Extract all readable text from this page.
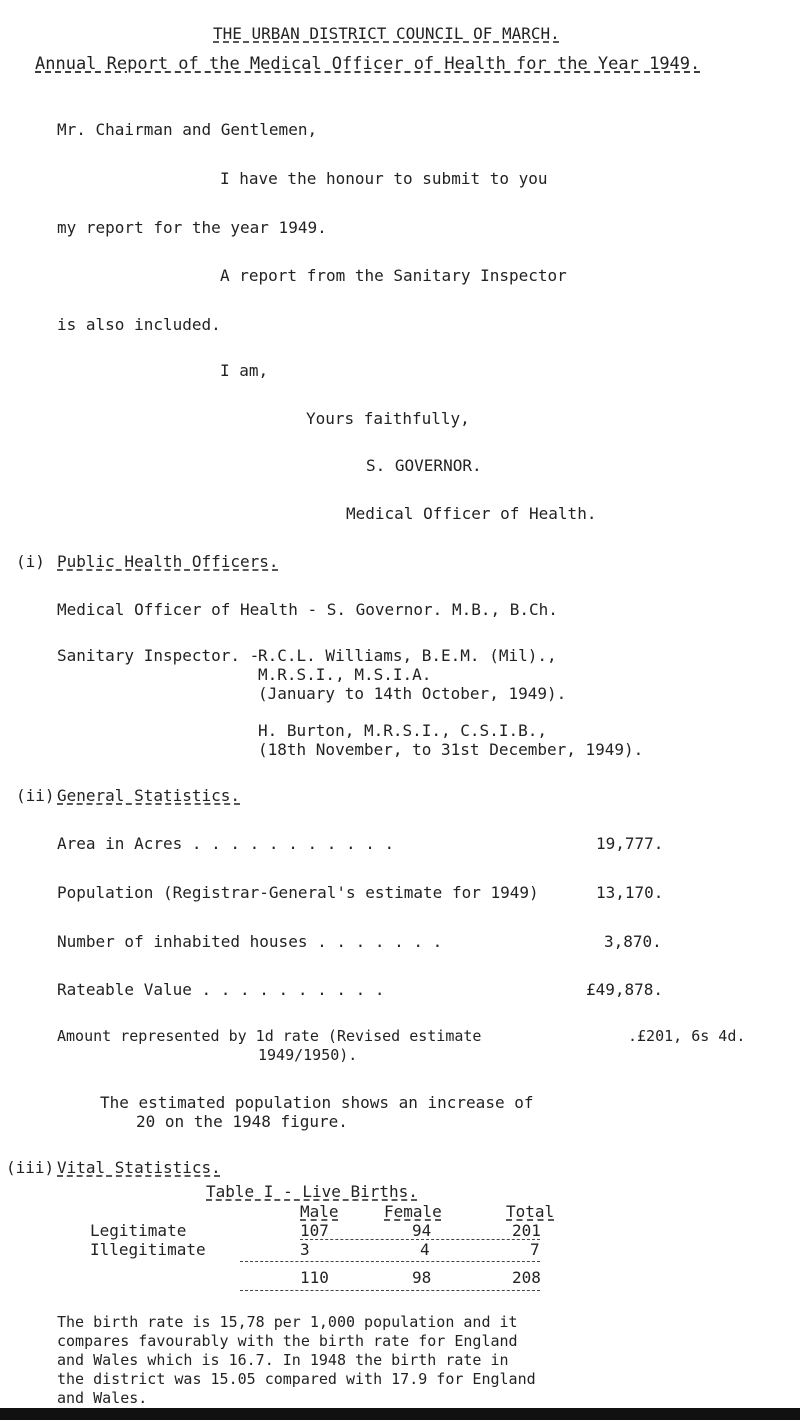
THE URBAN DISTRICT COUNCIL OF MARCH.
Annual Report of the Medical Officer of Health for the Year 1949.
Mr. Chairman and Gentlemen,
I have the honour to submit to you
my report for the year 1949.
A report from the Sanitary Inspector
is also included.
I am,
Yours faithfully,
S. GOVERNOR.
Medical Officer of Health.
(i) Public Health Officers.
Medical Officer of Health - S. Governor. M.B., B.Ch.
Sanitary Inspector. -
R.C.L. Williams, B.E.M. (Mil).,
M.R.S.I., M.S.I.A.
(January to 14th October, 1949).
H. Burton, M.R.S.I., C.S.I.B.,
(18th November, to 31st December, 1949).
(ii) General Statistics.
Area in Acres . . . . . . . . . . .	19,777.
Population (Registrar-General's estimate for 1949)	13,170.
Number of inhabited houses . . . . . . .	3,870.
Rateable Value . . . . . . . . . .	£49,878.
Amount represented by 1d rate (Revised estimate	.£201, 6s 4d.
1949/1950).
The estimated population shows an increase of
20 on the 1948 figure.
(iii) Vital Statistics.
Table I - Live Births.
Male	Female	Total
Legitimate	107	94	201
Illegitimate	3	4	7
110	98	208
The birth rate is 15,78 per 1,000 population and it
compares favourably with the birth rate for England
and Wales which is 16.7. In 1948 the birth rate in
the district was 15.05 compared with 17.9 for England
and Wales.
